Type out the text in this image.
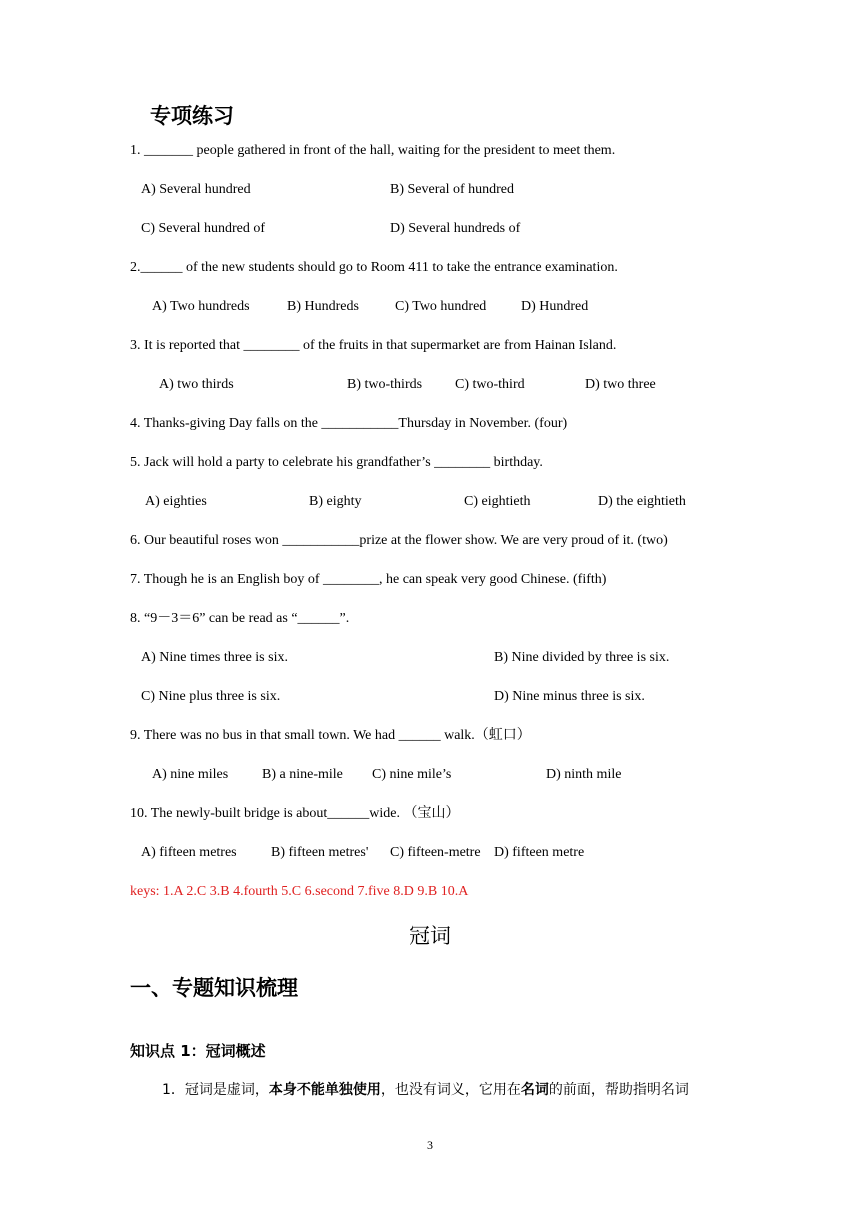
专项练习
1. _______ people gathered in front of the hall, waiting for the president to meet them.
A) Several hundred	B) Several of hundred
C) Several hundred of	D) Several hundreds of
2.______ of the new students should go to Room 411 to take the entrance examination.
A) Two hundreds	B) Hundreds	C) Two hundred D) Hundred
3. It is reported that ________ of the fruits in that supermarket are from Hainan Island.
A) two thirds	B) two-thirds C) two-third	D) two three
4. Thanks-giving Day falls on the ___________Thursday in November. (four)
5. Jack will hold a party to celebrate his grandfather’s ________ birthday.
A) eighties	B) eighty	C) eightieth	D) the eightieth
6. Our beautiful roses won ___________prize at the flower show. We are very proud of it. (two)
7. Though he is an English boy of ________, he can speak very good Chinese. (fifth)
8. “9－3＝6” can be read as “______”.
A) Nine times three is six.	B) Nine divided by three is six.
C) Nine plus three is six.	D) Nine minus three is six.
9. There was no bus in that small town. We had ______ walk.（虹口）
A) nine miles B) a nine-mile C) nine mile’s	D) ninth mile
10. The newly-built bridge is about______wide. （宝山）
A) fifteen metres B) fifteen metres' C) fifteen-metre D) fifteen metre
keys: 1.A 2.C 3.B 4.fourth 5.C 6.second 7.five 8.D 9.B 10.A
冠词
一、专题知识梳理
知识点 1：冠词概述
1．冠词是虚词，本身不能单独使用，也没有词义，它用在名词的前面，帮助指明名词
3
